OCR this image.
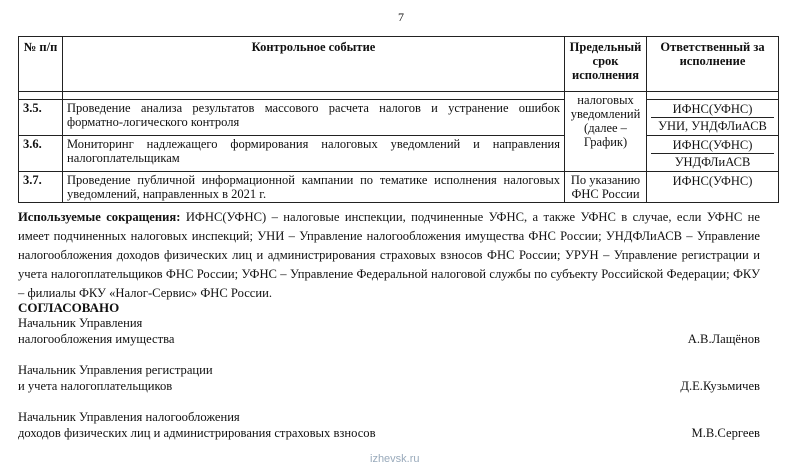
7
№ п/п	Контрольное событие	Предельный срок исполнения	Ответственный за исполнение
		налоговых уведомлений (далее – График)	
3.5.	Проведение анализа результатов массового расчета налогов и устранение ошибок форматно-логического контроля		ИФНС(УФНС)
УНИ, УНДФЛиАСВ

3.6.	Мониторинг надлежащего формирования налоговых уведомлений и направления налогоплательщикам		ИФНС(УФНС)
УНДФЛиАСВ

3.7.	Проведение публичной информационной кампании по тематике исполнения налоговых уведомлений, направленных в 2021 г.	По указанию ФНС России	ИФНС(УФНС)
Используемые сокращения: ИФНС(УФНС) – налоговые инспекции, подчиненные УФНС, а также УФНС в случае, если УФНС не имеет подчиненных налоговых инспекций; УНИ – Управление налогообложения имущества ФНС России; УНДФЛиАСВ – Управление налогообложения доходов физических лиц и администрирования страховых взносов ФНС России; УРУН – Управление регистрации и учета налогоплательщиков ФНС России; УФНС – Управление Федеральной налоговой службы по субъекту Российской Федерации; ФКУ – филиалы ФКУ «Налог-Сервис» ФНС России.
СОГЛАСОВАНО
Начальник Управления
налогообложения имущества	А.В.Лащёнов
Начальник Управления регистрации
и учета налогоплательщиков	Д.Е.Кузьмичев
Начальник Управления налогообложения
доходов физических лиц и администрирования страховых взносов	М.В.Сергеев
izhevsk.ru
